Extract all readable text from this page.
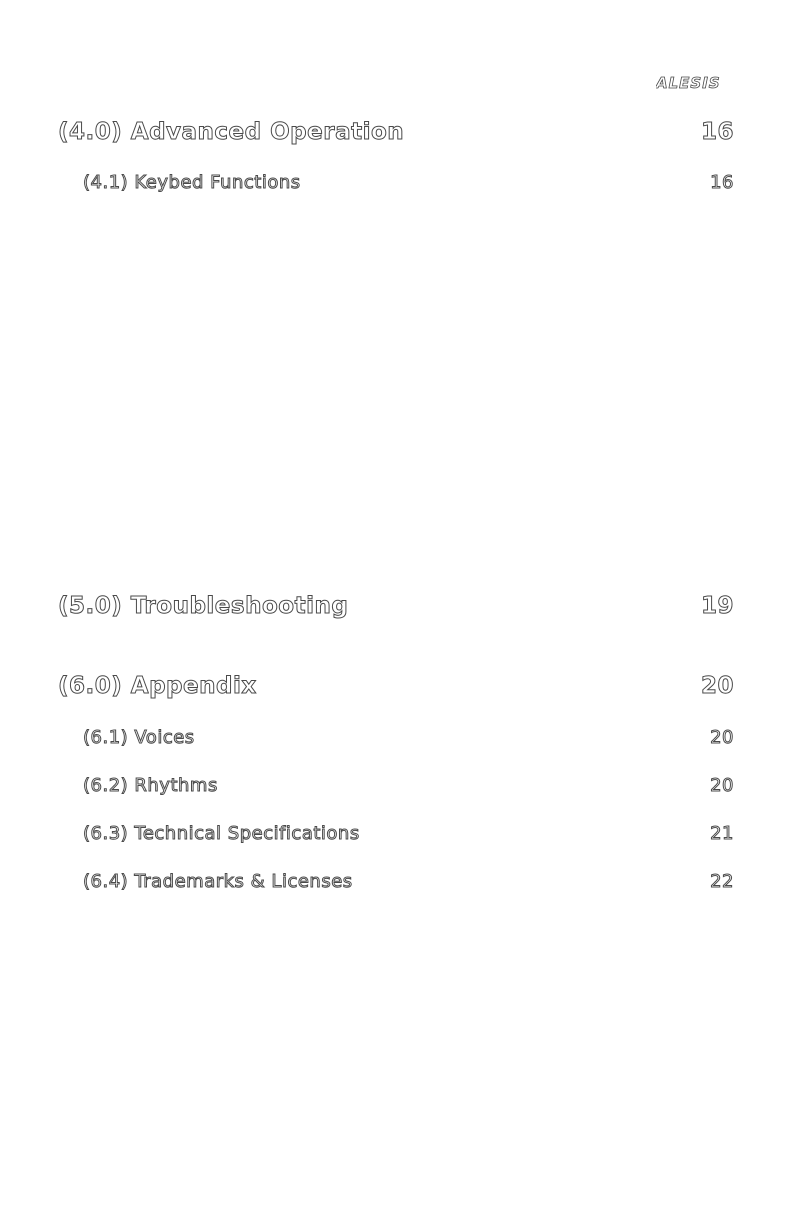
ALESIS
(4.0) Advanced Operation	16
(4.1) Keybed Functions	16
(5.0) Troubleshooting	19
(6.0) Appendix	20
(6.1) Voices	20
(6.2) Rhythms	20
(6.3) Technical Specifications	21
(6.4) Trademarks & Licenses	22
